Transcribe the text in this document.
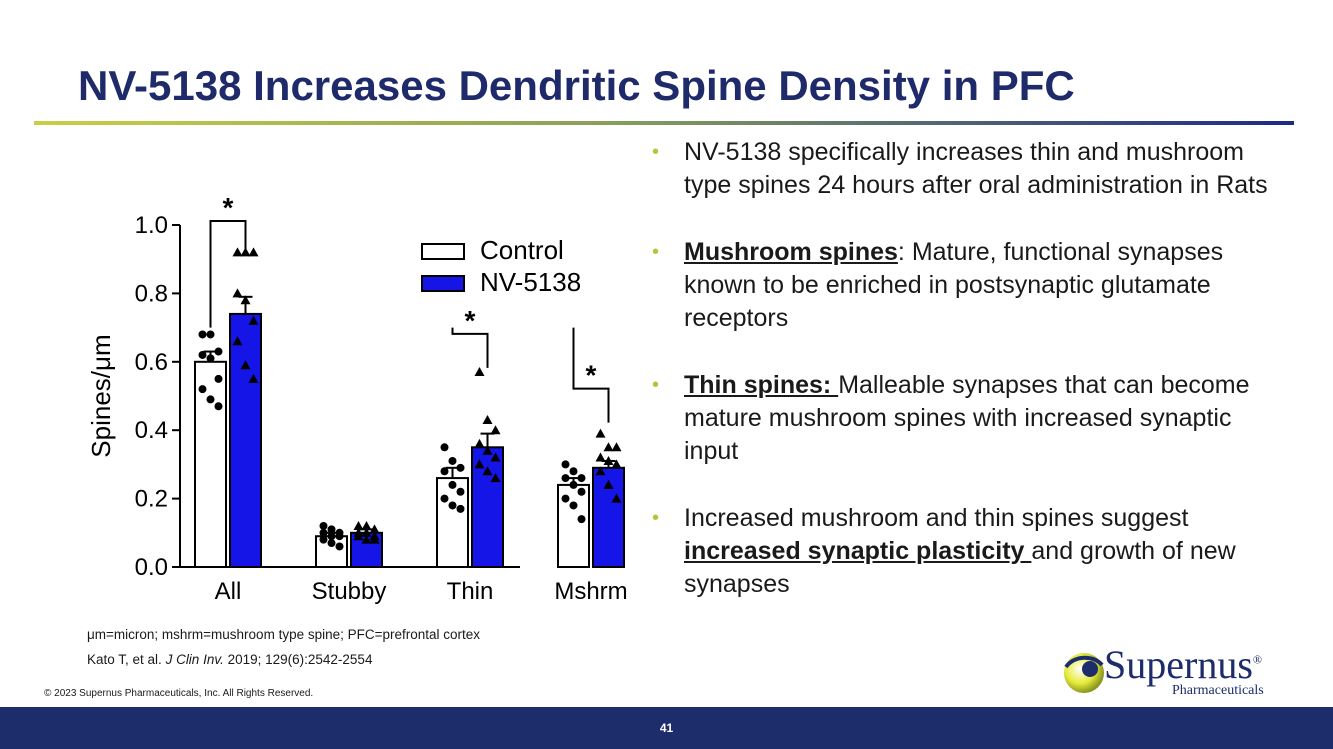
NV-5138 Increases Dendritic Spine Density in PFC
0.0
0.2
0.4
0.6
0.8
1.0
Spines/μm
All	Stubby	Thin	Mshrm
*
*
*
Control
NV-5138
• NV-5138 specifically increases thin and mushroom type spines 24 hours after oral administration in Rats
• Mushroom spines: Mature, functional synapses known to be enriched in postsynaptic glutamate receptors
• Thin spines: Malleable synapses that can become mature mushroom spines with increased synaptic input
• Increased mushroom and thin spines suggest increased synaptic plasticity and growth of new synapses
μm=micron; mshrm=mushroom type spine; PFC=prefrontal cortex
Kato T, et al. J Clin Inv. 2019; 129(6):2542-2554
© 2023 Supernus Pharmaceuticals, Inc. All Rights Reserved.
Supernus®
Pharmaceuticals
41
